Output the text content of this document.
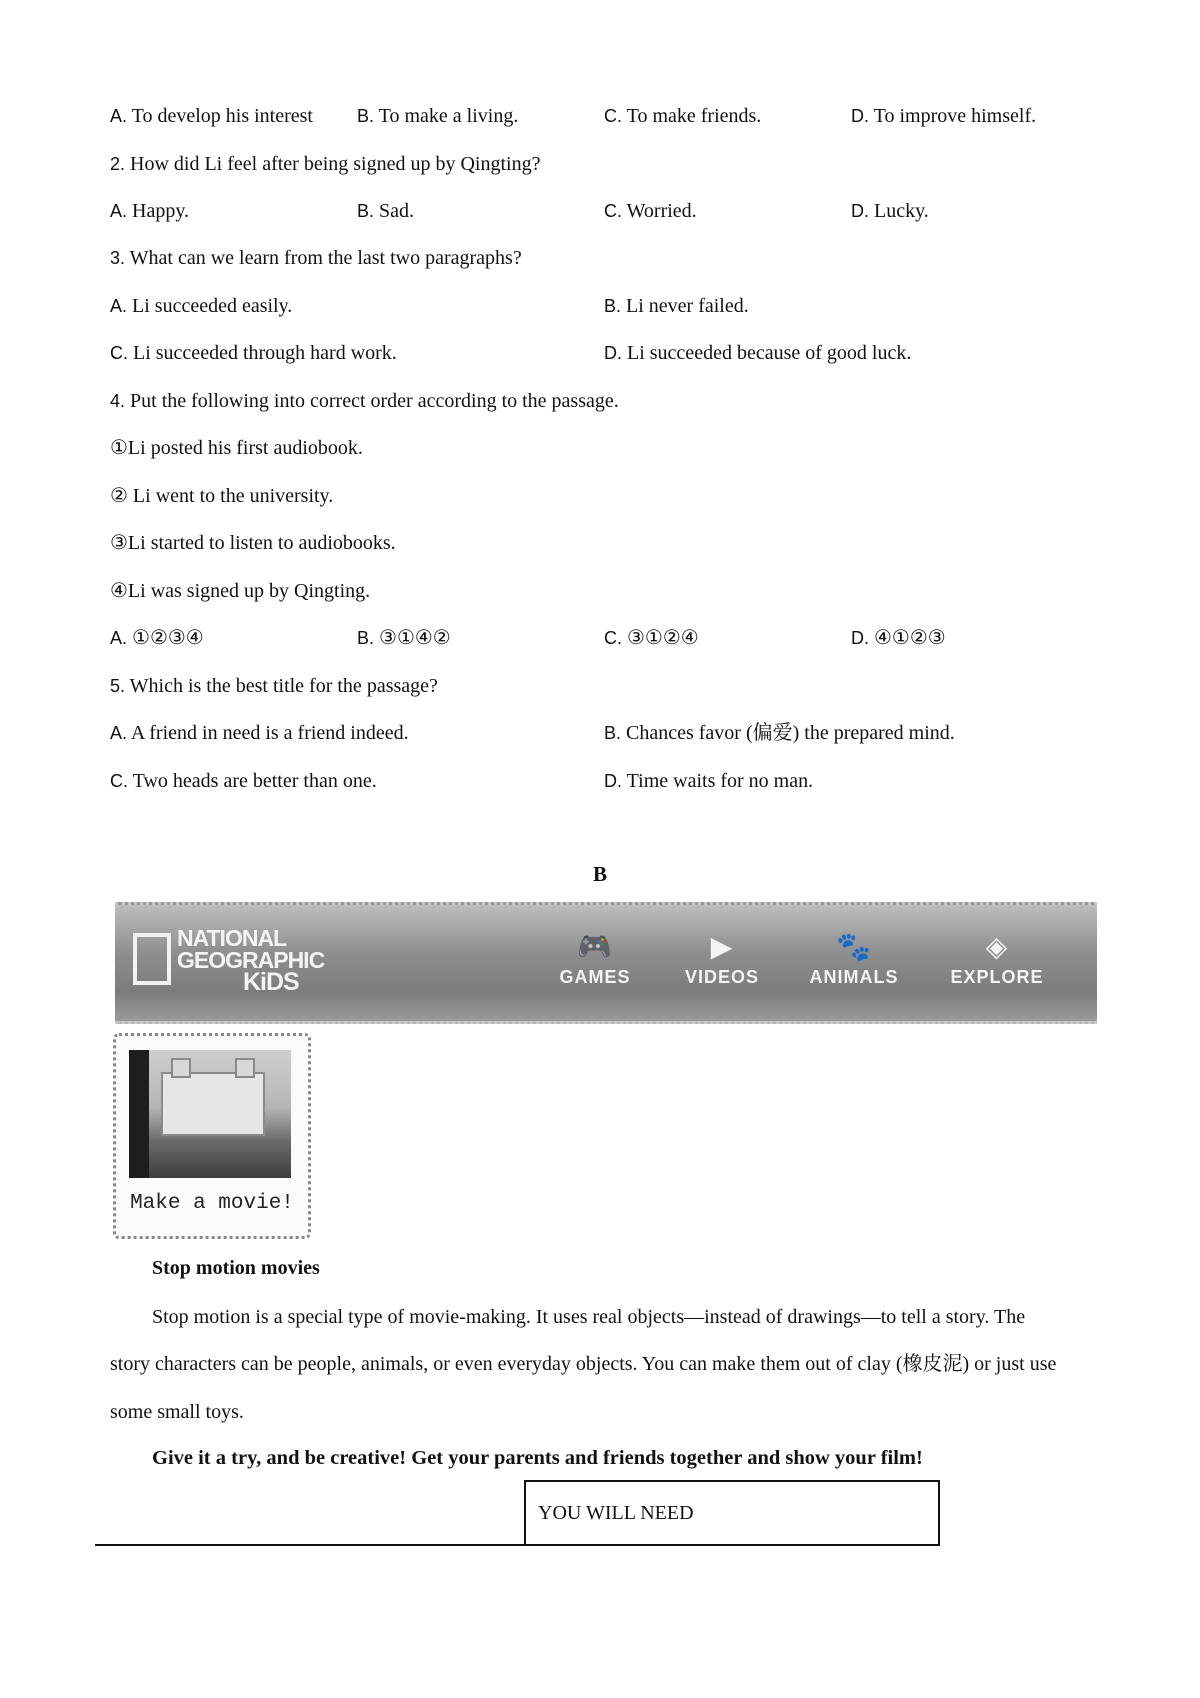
A. To develop his interest B. To make a living.	C. To make friends.	D. To improve himself.
2. How did Li feel after being signed up by Qingting?
A. Happy.	B. Sad.	C. Worried.	D. Lucky.
3. What can we learn from the last two paragraphs?
A. Li succeeded easily.	B. Li never failed.
C. Li succeeded through hard work.	D. Li succeeded because of good luck.
4. Put the following into correct order according to the passage.
①Li posted his first audiobook.
② Li went to the university.
③Li started to listen to audiobooks.
④Li was signed up by Qingting.
A. ①②③④	B. ③①④②	C. ③①②④	D. ④①②③
5. Which is the best title for the passage?
A. A friend in need is a friend indeed.	B. Chances favor (偏爱) the prepared mind.
C. Two heads are better than one.	D. Time waits for no man.
B
NATIONAL
GEOGRAPHIC
KiDS
🎮
GAMES
▶
VIDEOS
🐾
ANIMALS
◈
EXPLORE
Make a movie!
Stop motion movies
Stop motion is a special type of movie-making. It uses real objects—instead of drawings—to tell a story. The
story characters can be people, animals, or even everyday objects. You can make them out of clay (橡皮泥) or just use
some small toys.
Give it a try, and be creative! Get your parents and friends together and show your film!
YOU WILL NEED
